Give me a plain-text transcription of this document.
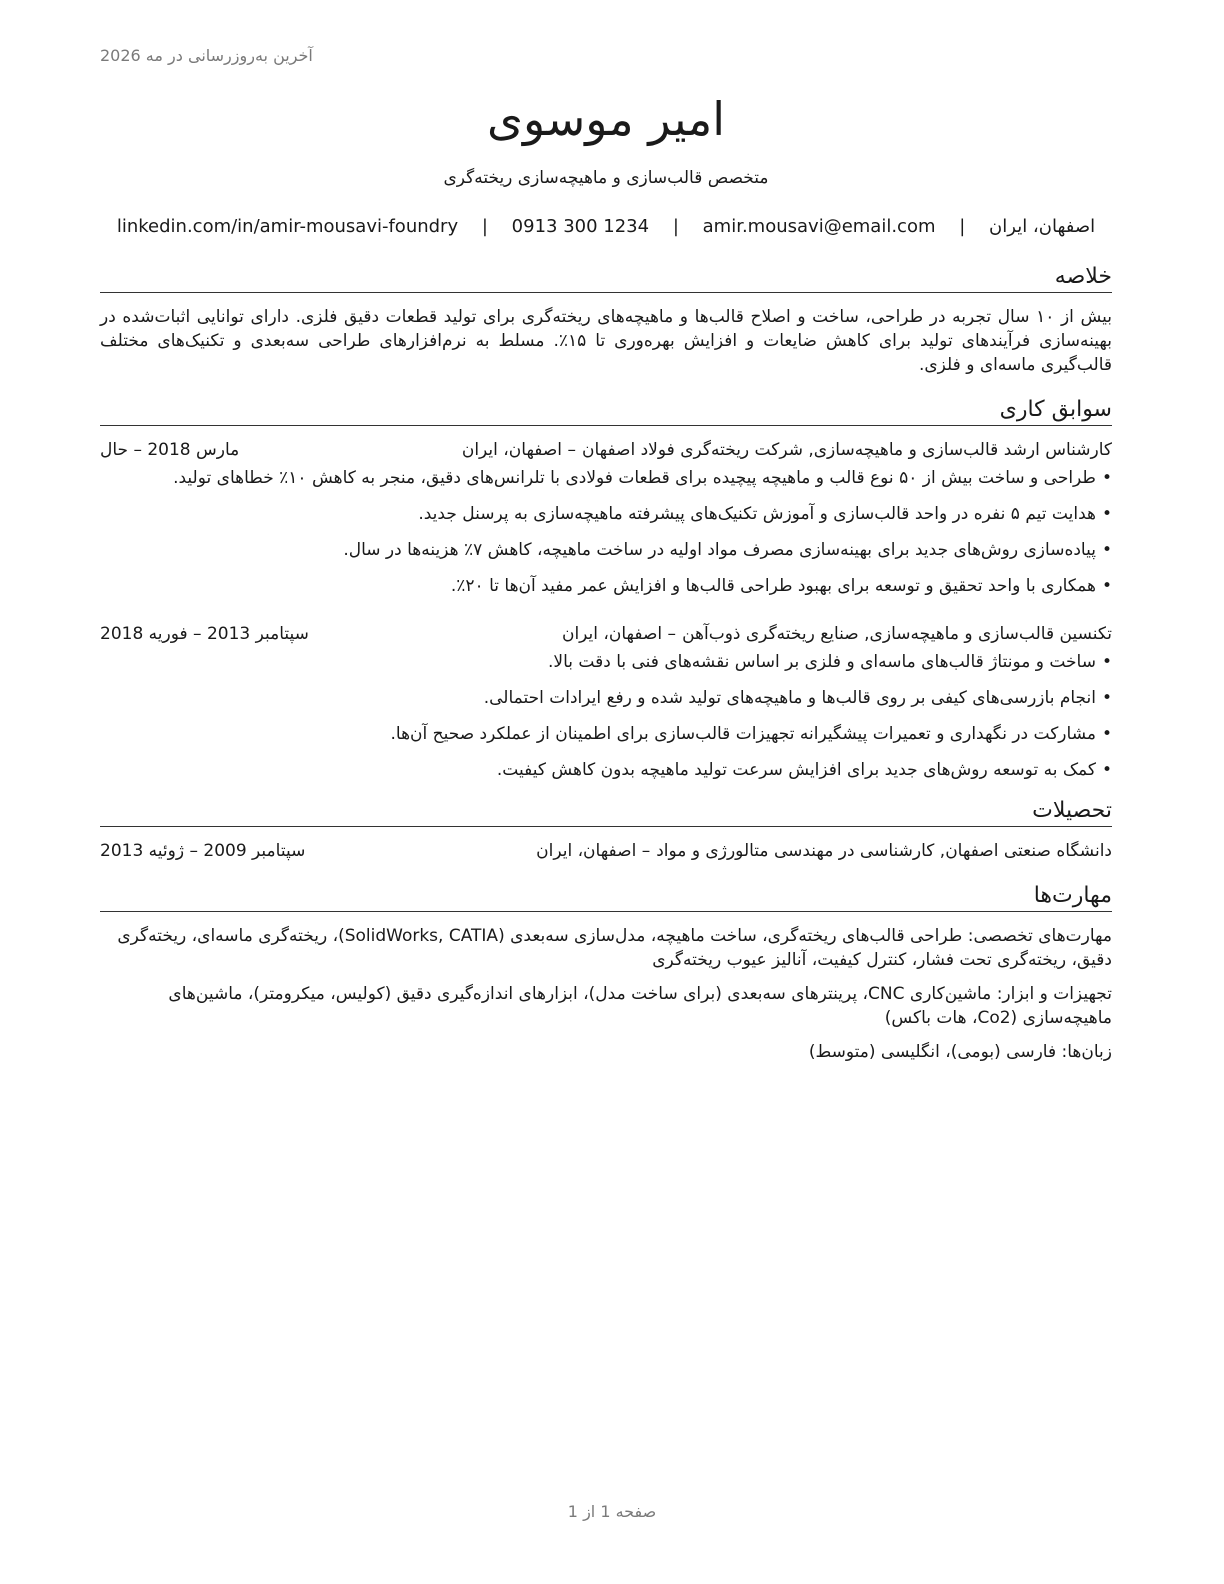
آخرین به‌روزرسانی در مه 2026
امیر موسوی
متخصص قالب‌سازی و ماهیچه‌سازی ریخته‌گری
linkedin.com/in/amir-mousavi-foundry | 0913 300 1234 | amir.mousavi@email.com | اصفهان، ایران
خلاصه

بیش از ۱۰ سال تجربه در طراحی، ساخت و اصلاح قالب‌ها و ماهیچه‌های ریخته‌گری برای تولید قطعات دقیق فلزی. دارای توانایی اثبات‌شده در بهینه‌سازی فرآیندهای تولید برای کاهش ضایعات و افزایش بهره‌وری تا ۱۵٪. مسلط به نرم‌افزارهای طراحی سه‌بعدی و تکنیک‌های مختلف قالب‌گیری ماسه‌ای و فلزی.

سوابق کاری
کارشناس ارشد قالب‌سازی و ماهیچه‌سازی, شرکت ریخته‌گری فولاد اصفهان
– اصفهان، ایران
مارس 2018 – حال
•طراحی و ساخت بیش از ۵۰ نوع قالب و ماهیچه پیچیده برای قطعات فولادی با تلرانس‌های دقیق، منجر به کاهش ۱۰٪ خطاهای تولید.
•هدایت تیم ۵ نفره در واحد قالب‌سازی و آموزش تکنیک‌های پیشرفته ماهیچه‌سازی به پرسنل جدید.
•پیاده‌سازی روش‌های جدید برای بهینه‌سازی مصرف مواد اولیه در ساخت ماهیچه، کاهش ۷٪ هزینه‌ها در سال.
•همکاری با واحد تحقیق و توسعه برای بهبود طراحی قالب‌ها و افزایش عمر مفید آن‌ها تا ۲۰٪.
تکنسین قالب‌سازی و ماهیچه‌سازی, صنایع ریخته‌گری ذوب‌آهن
– اصفهان، ایران
سپتامبر 2013 – فوریه 2018
•ساخت و مونتاژ قالب‌های ماسه‌ای و فلزی بر اساس نقشه‌های فنی با دقت بالا.
•انجام بازرسی‌های کیفی بر روی قالب‌ها و ماهیچه‌های تولید شده و رفع ایرادات احتمالی.
•مشارکت در نگهداری و تعمیرات پیشگیرانه تجهیزات قالب‌سازی برای اطمینان از عملکرد صحیح آن‌ها.
•کمک به توسعه روش‌های جدید برای افزایش سرعت تولید ماهیچه بدون کاهش کیفیت.
تحصیلات
دانشگاه صنعتی اصفهان, کارشناسی در مهندسی متالورژی و مواد
– اصفهان، ایران
سپتامبر 2009 – ژوئیه 2013
مهارت‌ها

مهارت‌های تخصصی: طراحی قالب‌های ریخته‌گری، ساخت ماهیچه، مدل‌سازی سه‌بعدی (SolidWorks, CATIA)، ریخته‌گری ماسه‌ای، ریخته‌گری دقیق، ریخته‌گری تحت فشار، کنترل کیفیت، آنالیز عیوب ریخته‌گری

تجهیزات و ابزار: ماشین‌کاری CNC، پرینترهای سه‌بعدی (برای ساخت مدل)، ابزارهای اندازه‌گیری دقیق (کولیس، میکرومتر)، ماشین‌های ماهیچه‌سازی (Co2، هات باکس)

زبان‌ها: فارسی (بومی)، انگلیسی (متوسط)

صفحه 1 از 1
